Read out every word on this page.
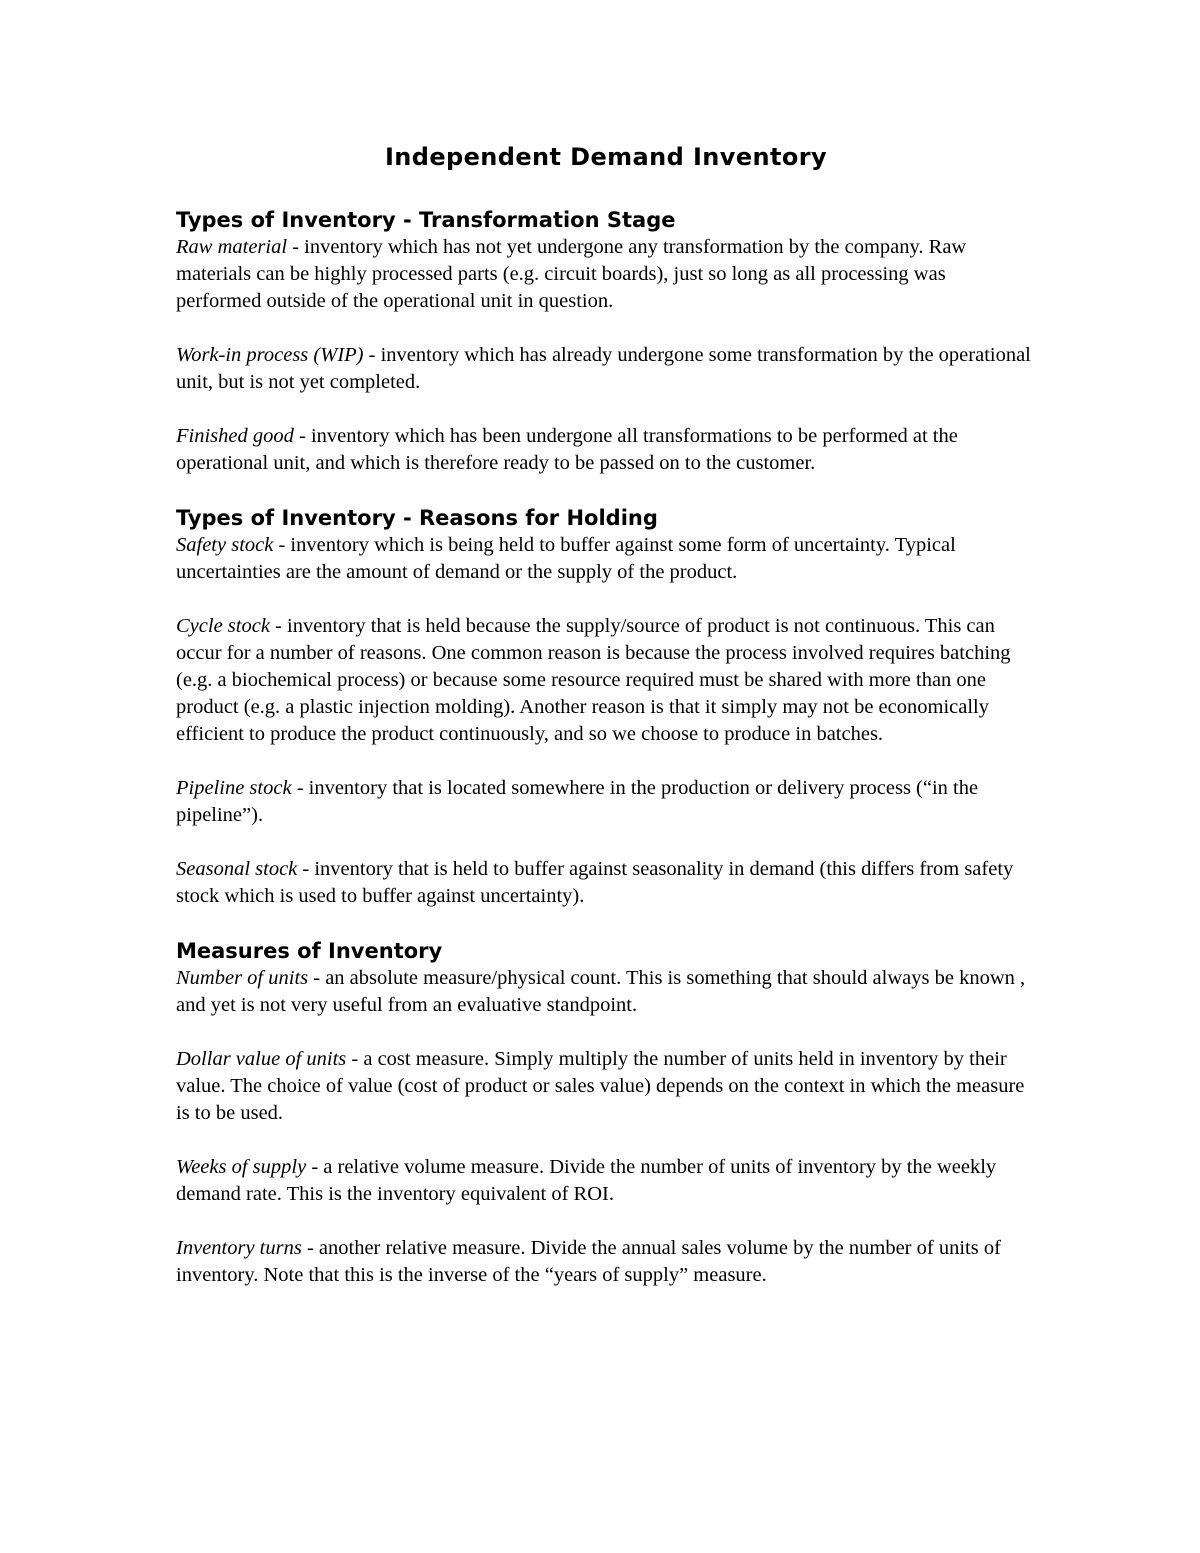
Independent Demand Inventory
Types of Inventory - Transformation Stage

Raw material - inventory which has not yet undergone any transformation by the company. Raw materials can be highly processed parts (e.g. circuit boards), just so long as all processing was performed outside of the operational unit in question.

Work-in process (WIP) - inventory which has already undergone some transformation by the operational unit, but is not yet completed.

Finished good - inventory which has been undergone all transformations to be performed at the operational unit, and which is therefore ready to be passed on to the customer.

Types of Inventory - Reasons for Holding

Safety stock - inventory which is being held to buffer against some form of uncertainty. Typical uncertainties are the amount of demand or the supply of the product.

Cycle stock - inventory that is held because the supply/source of product is not continuous. This can occur for a number of reasons. One common reason is because the process involved requires batching (e.g. a biochemical process) or because some resource required must be shared with more than one product (e.g. a plastic injection molding). Another reason is that it simply may not be economically efficient to produce the product continuously, and so we choose to produce in batches.

Pipeline stock - inventory that is located somewhere in the production or delivery process (“in the pipeline”).

Seasonal stock - inventory that is held to buffer against seasonality in demand (this differs from safety stock which is used to buffer against uncertainty).

Measures of Inventory

Number of units - an absolute measure/physical count. This is something that should always be known , and yet is not very useful from an evaluative standpoint.

Dollar value of units - a cost measure. Simply multiply the number of units held in inventory by their value. The choice of value (cost of product or sales value) depends on the context in which the measure is to be used.

Weeks of supply - a relative volume measure. Divide the number of units of inventory by the weekly demand rate. This is the inventory equivalent of ROI.

Inventory turns - another relative measure. Divide the annual sales volume by the number of units of inventory. Note that this is the inverse of the “years of supply” measure.
